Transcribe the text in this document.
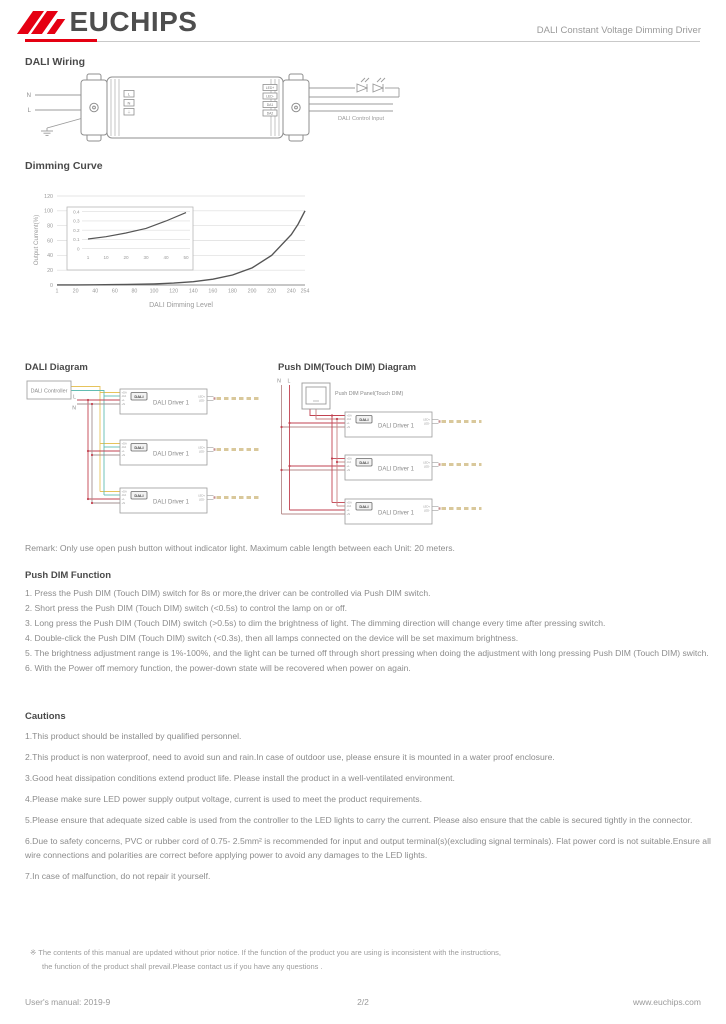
EUCHIPS	DALI Constant Voltage Dimming Driver
DALI Wiring
L
N
⏚
LED+
LED-
DA1
DA2
N
L
DALI Control Input
Dimming Curve
0
20
40
60
80
100
120
1	20	40	60	80 100 120 140 160 180 200 220 240 254
Output Current(%)
DALI Dimming Level
0
0.1
0.2
0.3
0.4
1	10	20	30	40	50
DALI Diagram
DALI Controller
L
N
+DA
-DA
+L
+N
DALI
DALI Driver 1
LED+
LED-
+DA
-DA
+L
+N
DALI
DALI Driver 1
LED+
LED-
+DA
-DA
+L
+N
DALI
DALI Driver 1
LED+
LED-
Push DIM(Touch DIM) Diagram
N L
Push DIM Panel(Touch DIM)
+DA
-DA
+L
+N
DALI
DALI Driver 1
LED+
LED-
+DA
-DA
+L
+N
DALI
DALI Driver 1
LED+
LED-
+DA
-DA
+L
+N
DALI
DALI Driver 1
LED+
LED-
Remark: Only use open push button without indicator light. Maximum cable length between each Unit: 20 meters.
Push DIM Function
1. Press the Push DIM (Touch DIM) switch for 8s or more,the driver can be controlled via Push DIM switch.
2. Short press the Push DIM (Touch DIM) switch (<0.5s) to control the lamp on or off.
3. Long press the Push DIM (Touch DIM) switch (>0.5s) to dim the brightness of light. The dimming direction will change every time after pressing switch.
4. Double-click the Push DIM (Touch DIM) switch (<0.3s), then all lamps connected on the device will be set maximum brightness.
5. The brightness adjustment range is 1%-100%, and the light can be turned off through short pressing when doing the adjustment with long pressing Push DIM (Touch DIM) switch.
6. With the Power off memory function, the power-down state will be recovered when power on again.
Cautions
1.This product should be installed by qualified personnel.
2.This product is non waterproof, need to avoid sun and rain.In case of outdoor use, please ensure it is mounted in a water proof enclosure.
3.Good heat dissipation conditions extend product life. Please install the product in a well-ventilated environment.
4.Please make sure LED power supply output voltage, current is used to meet the product requirements.
5.Please ensure that adequate sized cable is used from the controller to the LED lights to carry the current. Please also ensure that the cable is secured tightly in the connector.
6.Due to safety concerns, PVC or rubber cord of 0.75- 2.5mm² is recommended for input and output terminal(s)(excluding signal terminals). Flat power cord is not suitable.Ensure all wire connections and polarities are correct before applying power to avoid any damages to the LED lights.
7.In case of malfunction, do not repair it yourself.
※ The contents of this manual are updated without prior notice. If the function of the product you are using is inconsistent with the instructions,
the function of the product shall prevail.Please contact us if you have any questions .
User's manual: 2019-9	2/2	www.euchips.com
